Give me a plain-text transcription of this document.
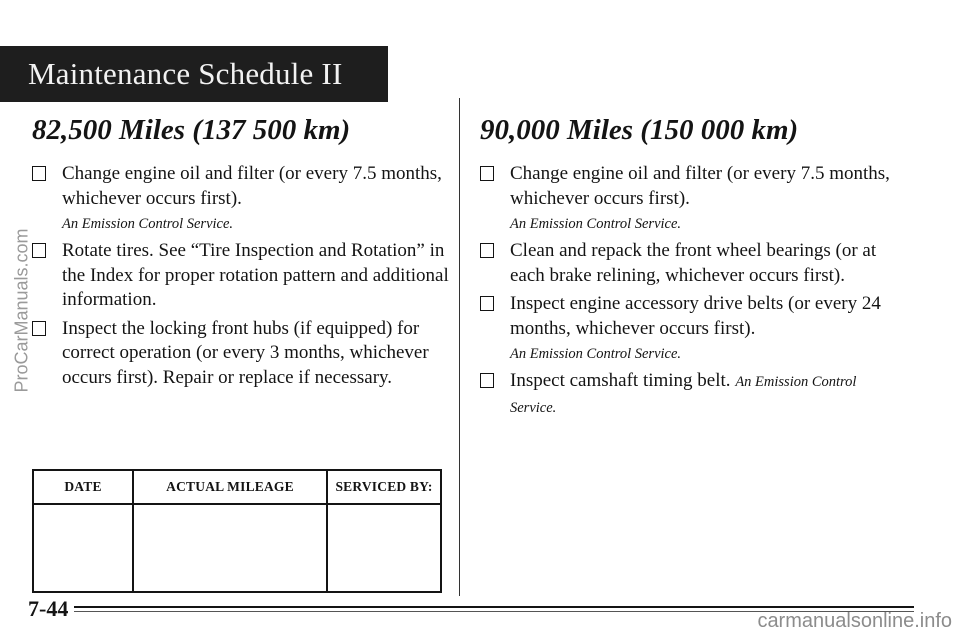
Maintenance Schedule II
ProCarManuals.com
82,500 Miles (137 500 km)
Change engine oil and filter (or every 7.5 months, whichever occurs first).
An Emission Control Service.
Rotate tires. See “Tire Inspection and Rotation” in the Index for proper rotation pattern and additional information.
Inspect the locking front hubs (if equipped) for correct operation (or every 3 months, whichever occurs first). Repair or replace if necessary.
DATE	ACTUAL MILEAGE	SERVICED BY:

90,000 Miles (150 000 km)
Change engine oil and filter (or every 7.5 months, whichever occurs first).
An Emission Control Service.
Clean and repack the front wheel bearings (or at each brake relining, whichever occurs first).
Inspect engine accessory drive belts (or every 24 months, whichever occurs first).
An Emission Control Service.
Inspect camshaft timing belt. An Emission Control Service.
7-44	carmanualsonline.info
